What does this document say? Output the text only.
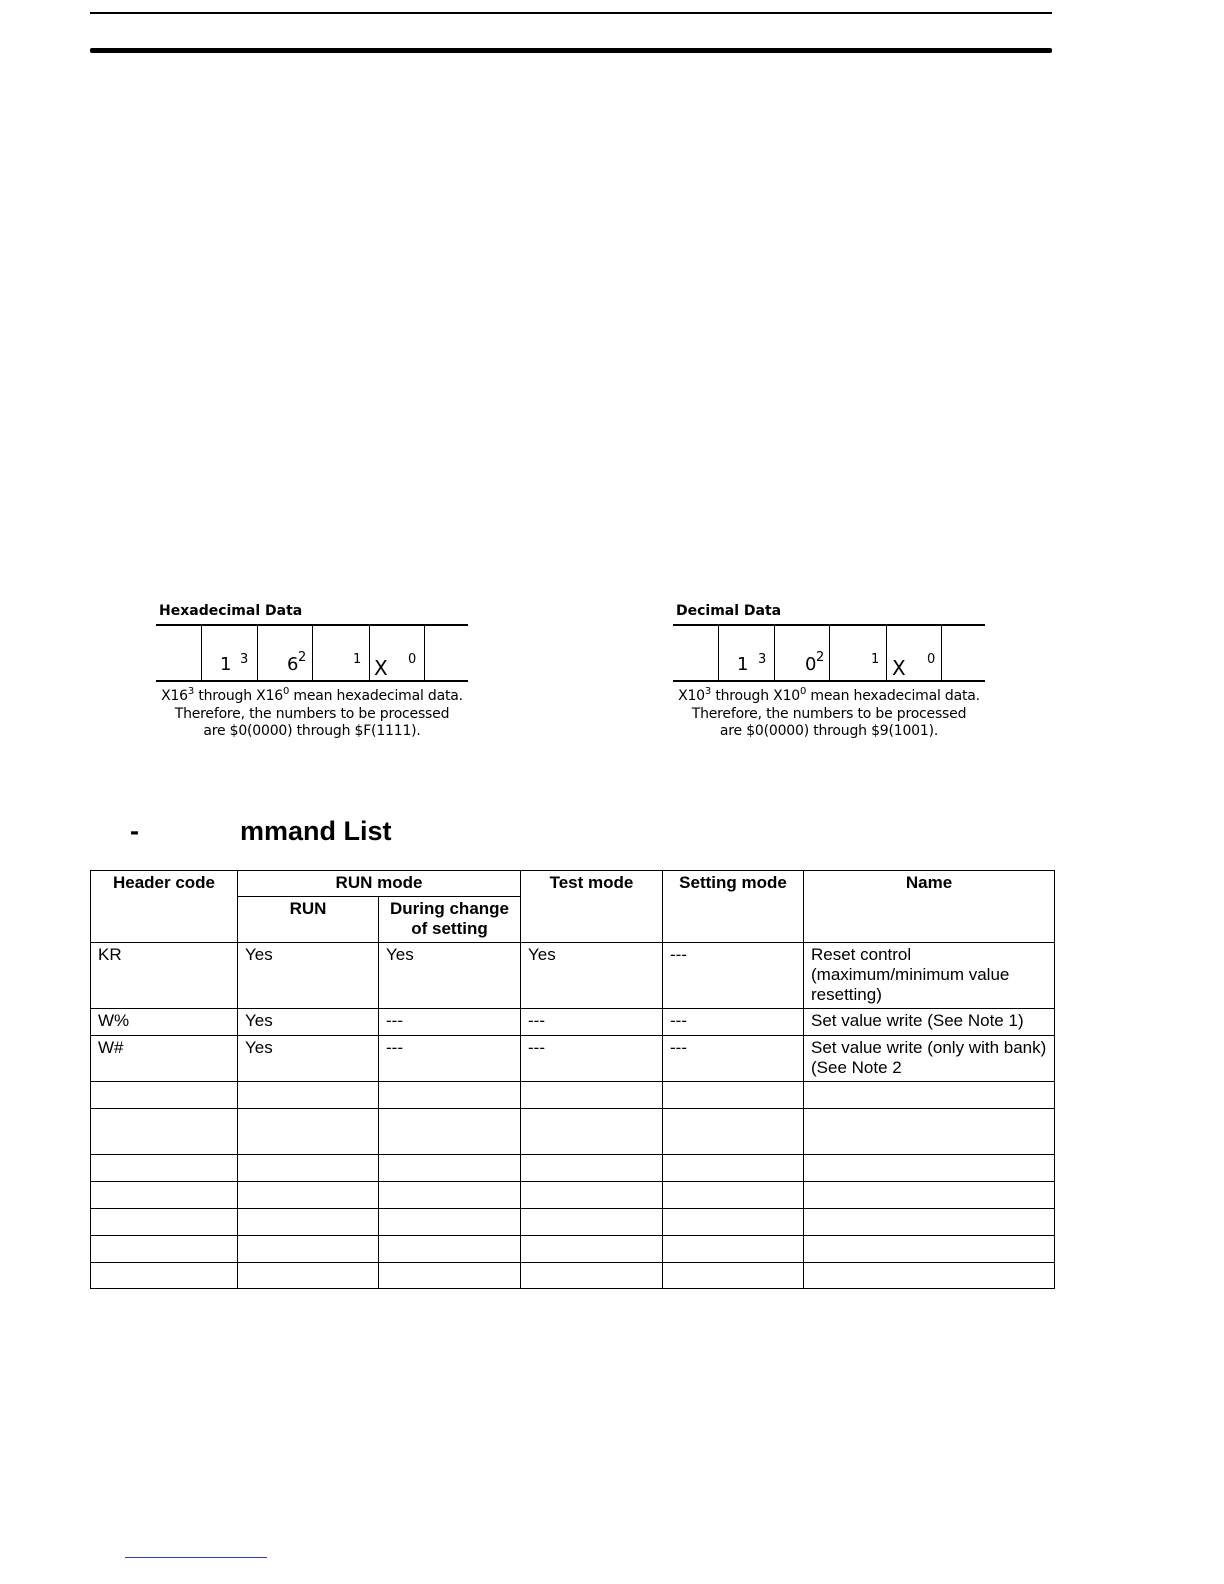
Hexadecimal Data
1 3 6 2	1 X 0
$X16^3$ through $X16^0$ mean hexadecimal data.
Therefore, the numbers to be processed
are $0(0000) through $F(1111).
Decimal Data
1 3 0 2	1 X 0
$X10^3$ through $X10^0$ mean hexadecimal data.
Therefore, the numbers to be processed
are $0(0000) through $9(1001).
-	mmand List
Header code	RUN mode		Test mode	Setting mode	Name
	RUN	During change of setting			
KR	Yes	Yes	Yes	---	Reset control (maximum/minimum value resetting)
W%	Yes	---	---	---	Set value write (See Note 1)
W#	Yes	---	---	---	Set value write (only with bank) (See Note 2
